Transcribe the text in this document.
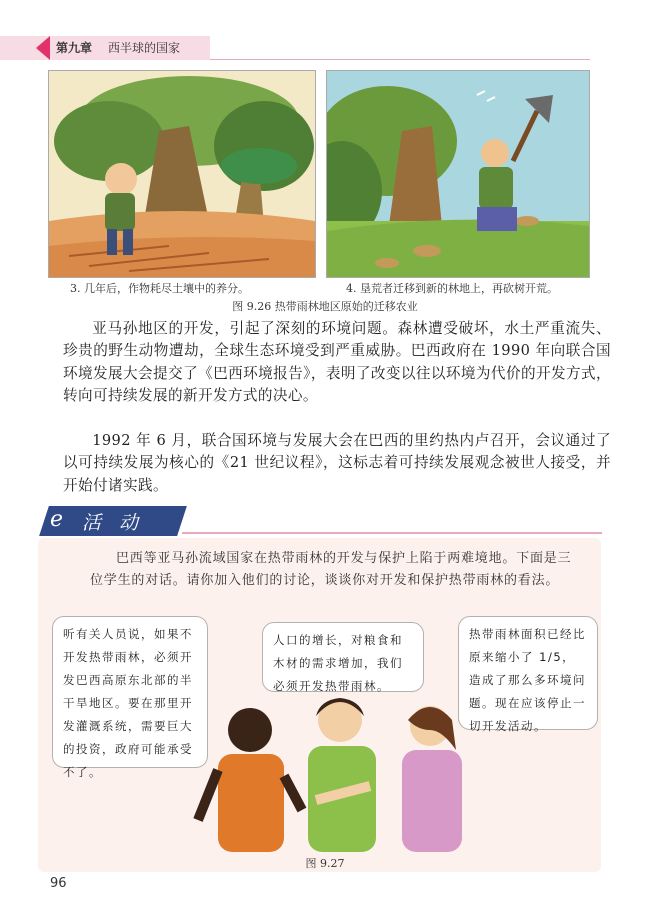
第九章 西半球的国家
3. 几年后，作物耗尽土壤中的养分。	4. 垦荒者迁移到新的林地上，再砍树开荒。
图 9.26 热带雨林地区原始的迁移农业
亚马孙地区的开发，引起了深刻的环境问题。森林遭受破坏，水土严重流失、珍贵的野生动物遭劫，全球生态环境受到严重威胁。巴西政府在 1990 年向联合国环境发展大会提交了《巴西环境报告》，表明了改变以往以环境为代价的开发方式，转向可持续发展的新开发方式的决心。
1992 年 6 月，联合国环境与发展大会在巴西的里约热内卢召开，会议通过了以可持续发展为核心的《21 世纪议程》，这标志着可持续发展观念被世人接受，并开始付诸实践。
e 活 动
巴西等亚马孙流域国家在热带雨林的开发与保护上陷于两难境地。下面是三位学生的对话。请你加入他们的讨论，谈谈你对开发和保护热带雨林的看法。
听有关人员说，如果不开发热带雨林，必须开发巴西高原东北部的半干旱地区。要在那里开发灌溉系统，需要巨大的投资，政府可能承受不了。
人口的增长，对粮食和木材的需求增加，我们必须开发热带雨林。
热带雨林面积已经比原来缩小了 1/5，造成了那么多环境问题。现在应该停止一切开发活动。
图 9.27
96
